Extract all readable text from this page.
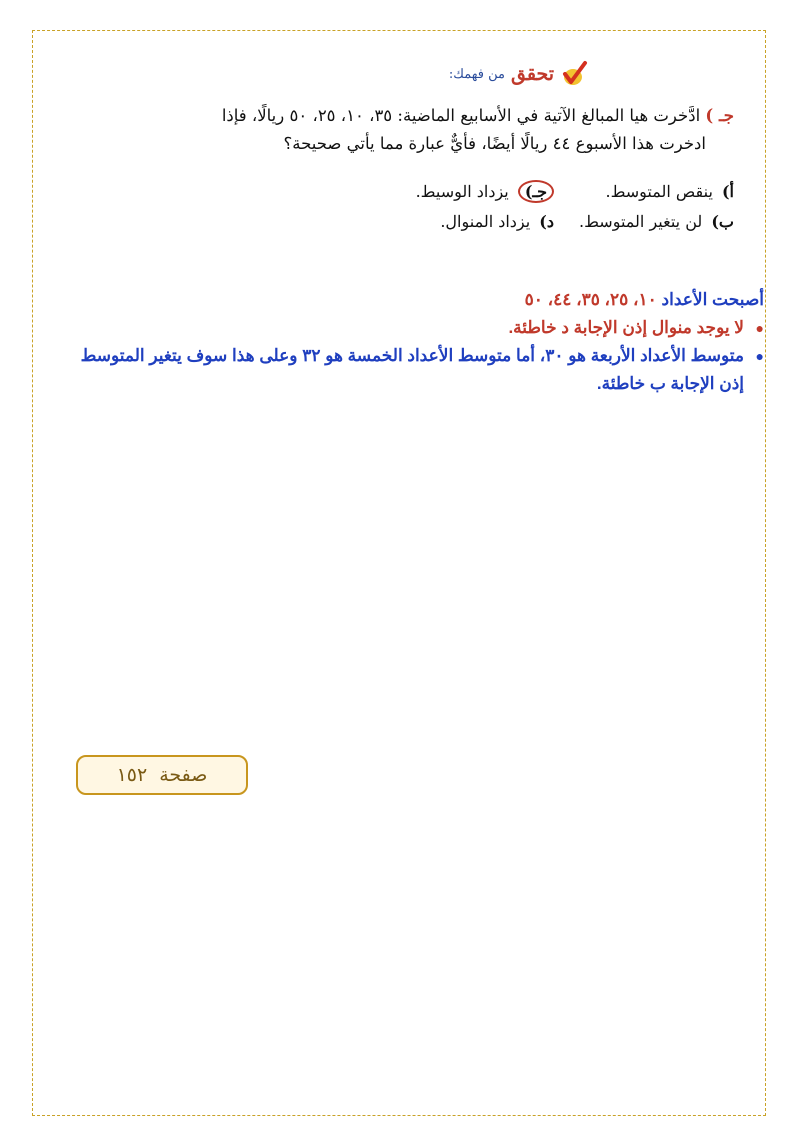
تحقق
من فهمك:
جـ ) ادَّخرت هيا المبالغ الآتية في الأسابيع الماضية: ٣٥، ١٠، ٢٥، ٥٠ ريالًا، فإذا
ادخرت هذا الأسبوع ٤٤ ريالًا أيضًا، فأيٌّ عبارة مما يأتي صحيحة؟
أ) ينقص المتوسط.
جـ) يزداد الوسيط.
ب) لن يتغير المتوسط.
د) يزداد المنوال.
أصبحت الأعداد ١٠، ٢٥، ٣٥، ٤٤، ٥٠
●
لا يوجد منوال إذن الإجابة د خاطئة.
●
متوسط الأعداد الأربعة هو ٣٠، أما متوسط الأعداد الخمسة هو ٣٢ وعلى هذا سوف يتغير المتوسط إذن الإجابة ب خاطئة.
صفحة
١٥٢
